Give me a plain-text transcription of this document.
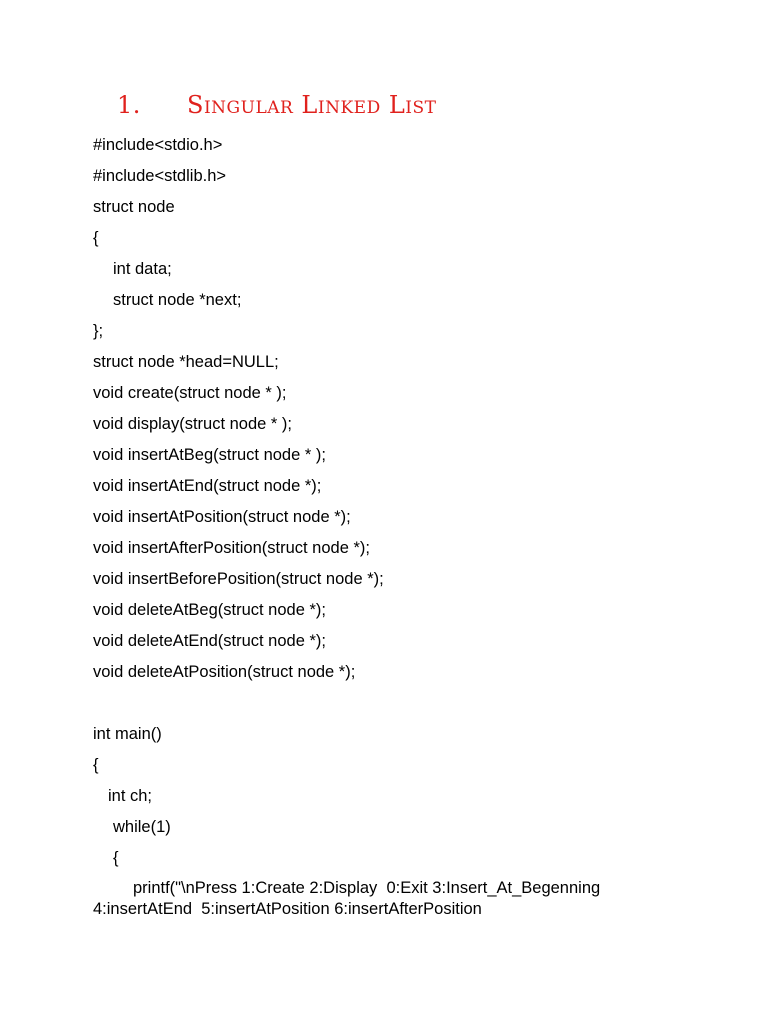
1. Singular Linked List
#include<stdio.h>
#include<stdlib.h>
struct node
{
int data;
struct node *next;
};
struct node *head=NULL;
void create(struct node * );
void display(struct node * );
void insertAtBeg(struct node * );
void insertAtEnd(struct node *);
void insertAtPosition(struct node *);
void insertAfterPosition(struct node *);
void insertBeforePosition(struct node *);
void deleteAtBeg(struct node *);
void deleteAtEnd(struct node *);
void deleteAtPosition(struct node *);
int main()
{
int ch;
while(1)
{
printf("\nPress 1:Create 2:Display  0:Exit 3:Insert_At_Begenning
4:insertAtEnd  5:insertAtPosition 6:insertAfterPosition
